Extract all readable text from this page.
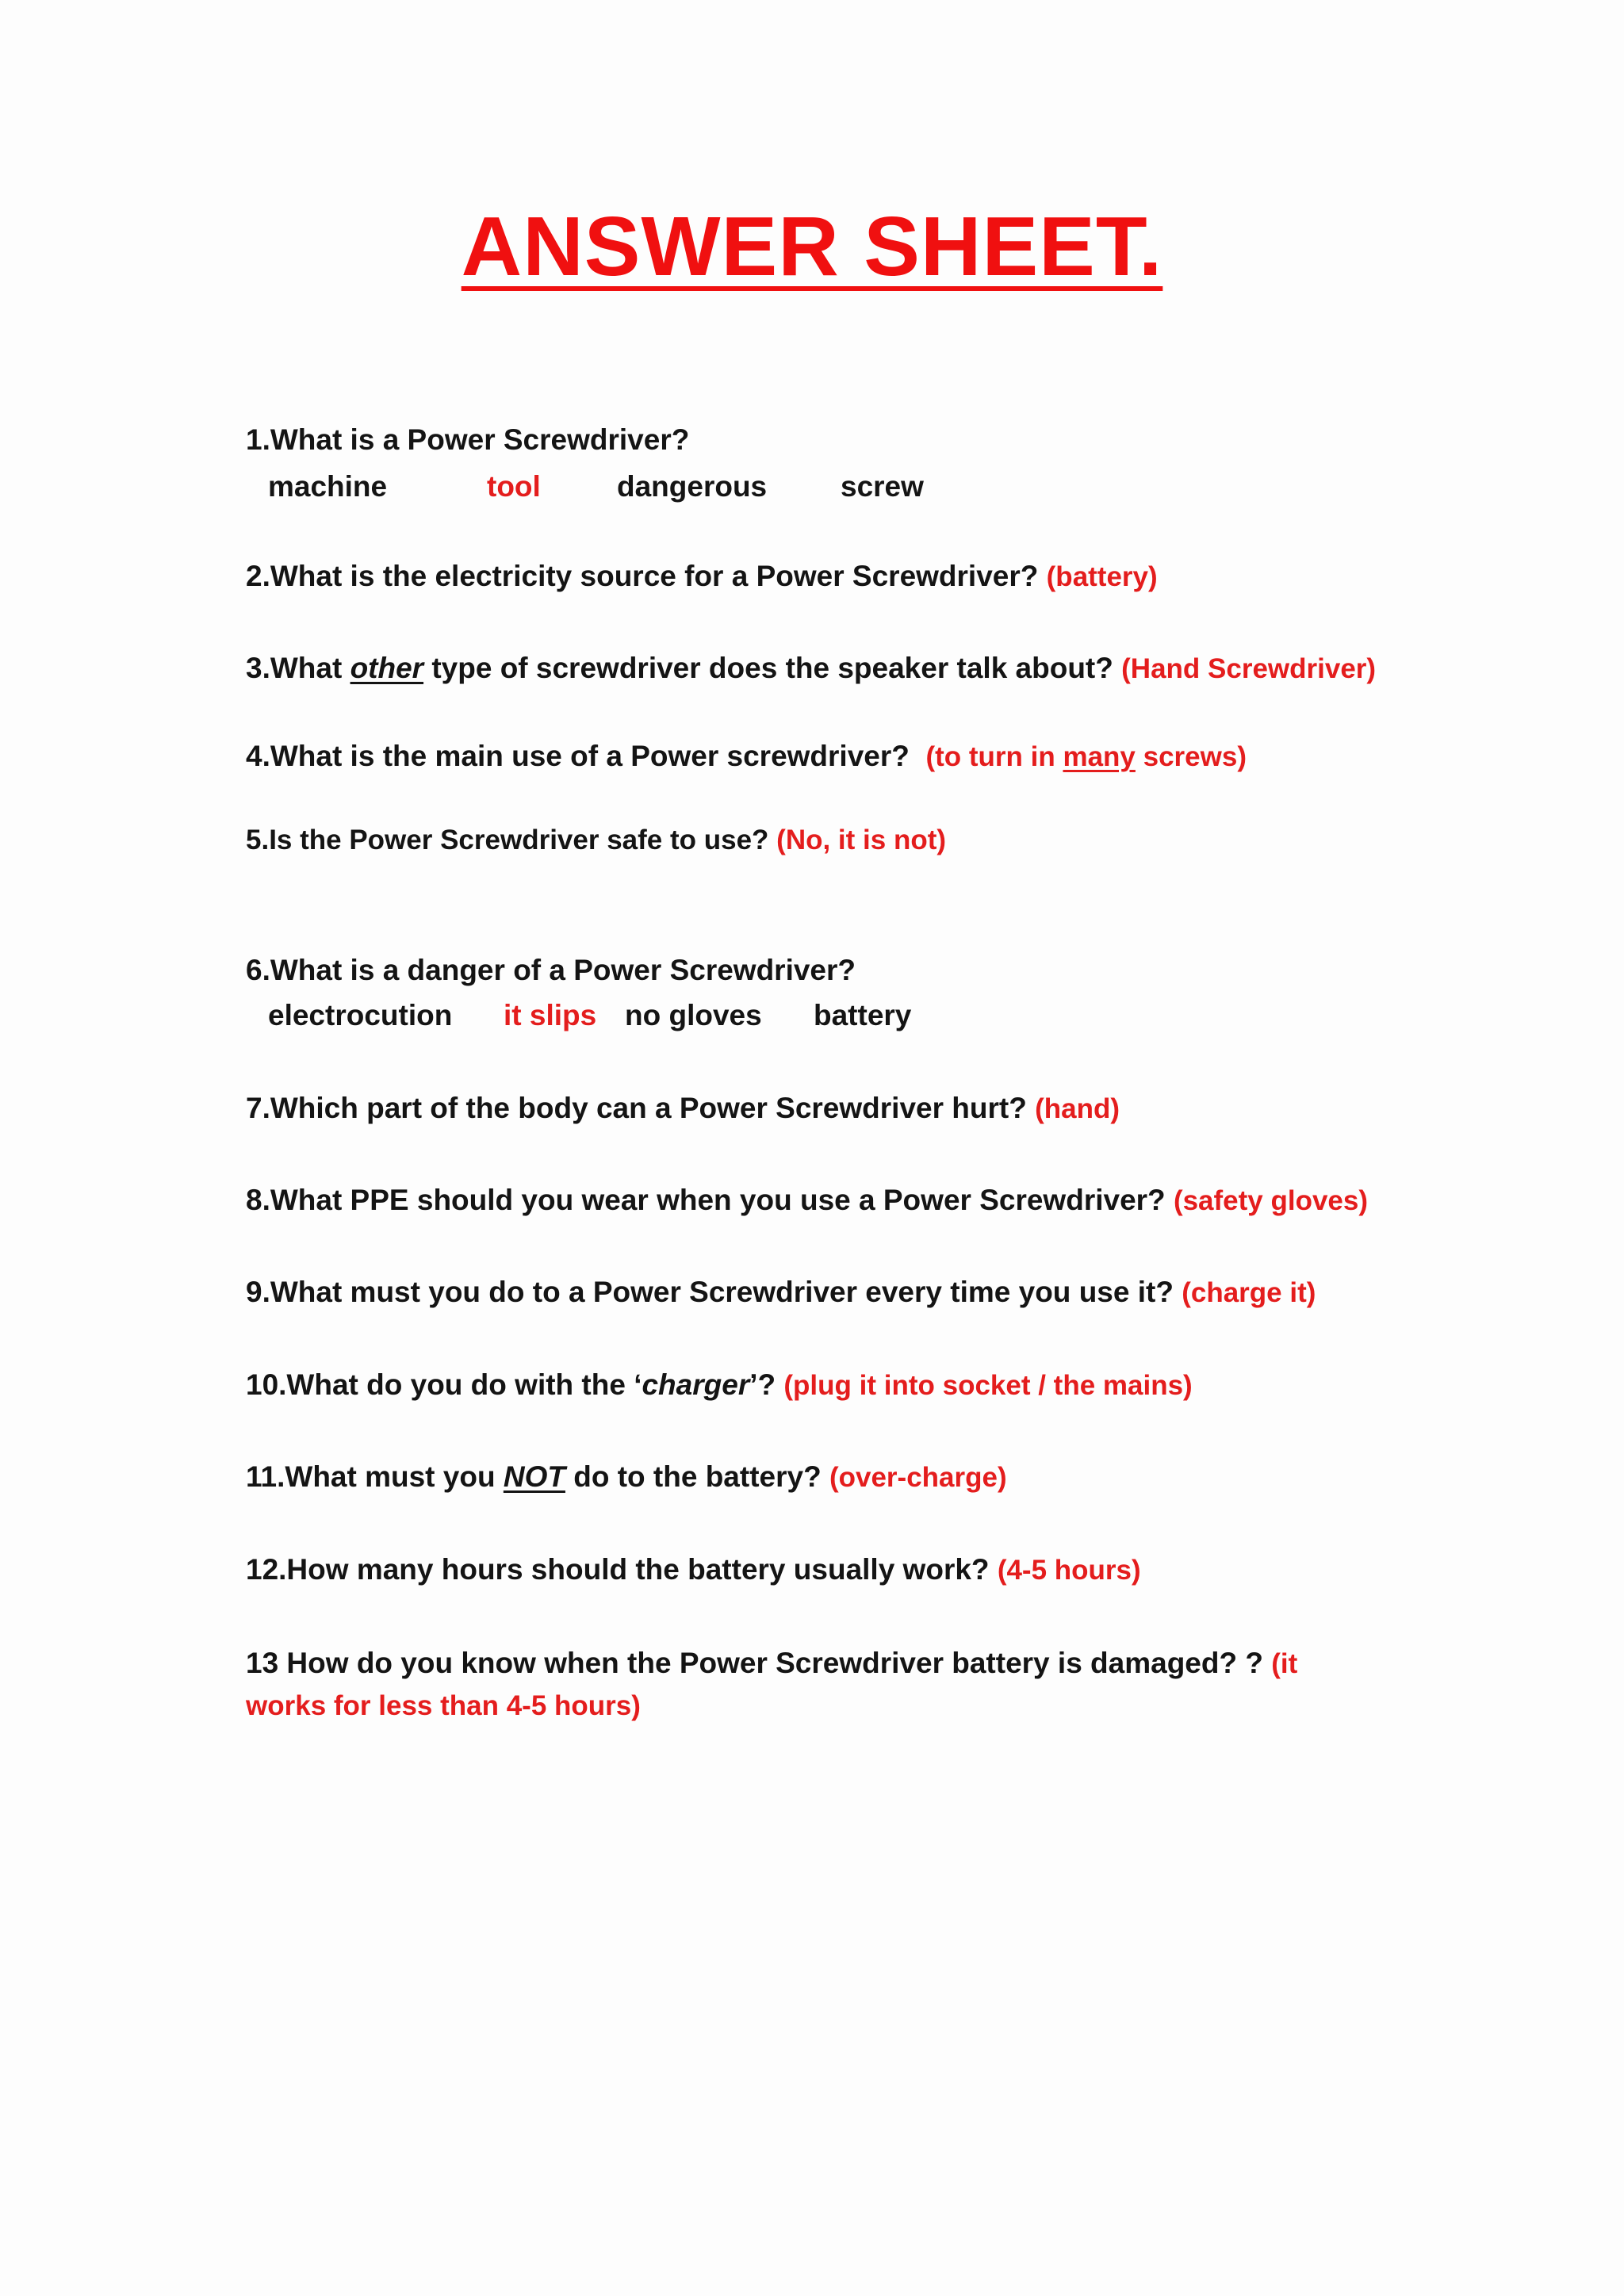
ANSWER SHEET.
1.What is a Power Screwdriver?
machine	tool	dangerous	screw
2.What is the electricity source for a Power Screwdriver? (battery)
3.What other type of screwdriver does the speaker talk about? (Hand Screwdriver)
4.What is the main use of a Power screwdriver? (to turn in many screws)
5.Is the Power Screwdriver safe to use? (No, it is not)
6.What is a danger of a Power Screwdriver?
electrocution it slips no gloves battery
7.Which part of the body can a Power Screwdriver hurt? (hand)
8.What PPE should you wear when you use a Power Screwdriver? (safety gloves)
9.What must you do to a Power Screwdriver every time you use it? (charge it)
10.What do you do with the ‘charger’? (plug it into socket / the mains)
11.What must you NOT do to the battery? (over-charge)
12.How many hours should the battery usually work? (4-5 hours)
13 How do you know when the Power Screwdriver battery is damaged? ? (it works for less than 4-5 hours)
